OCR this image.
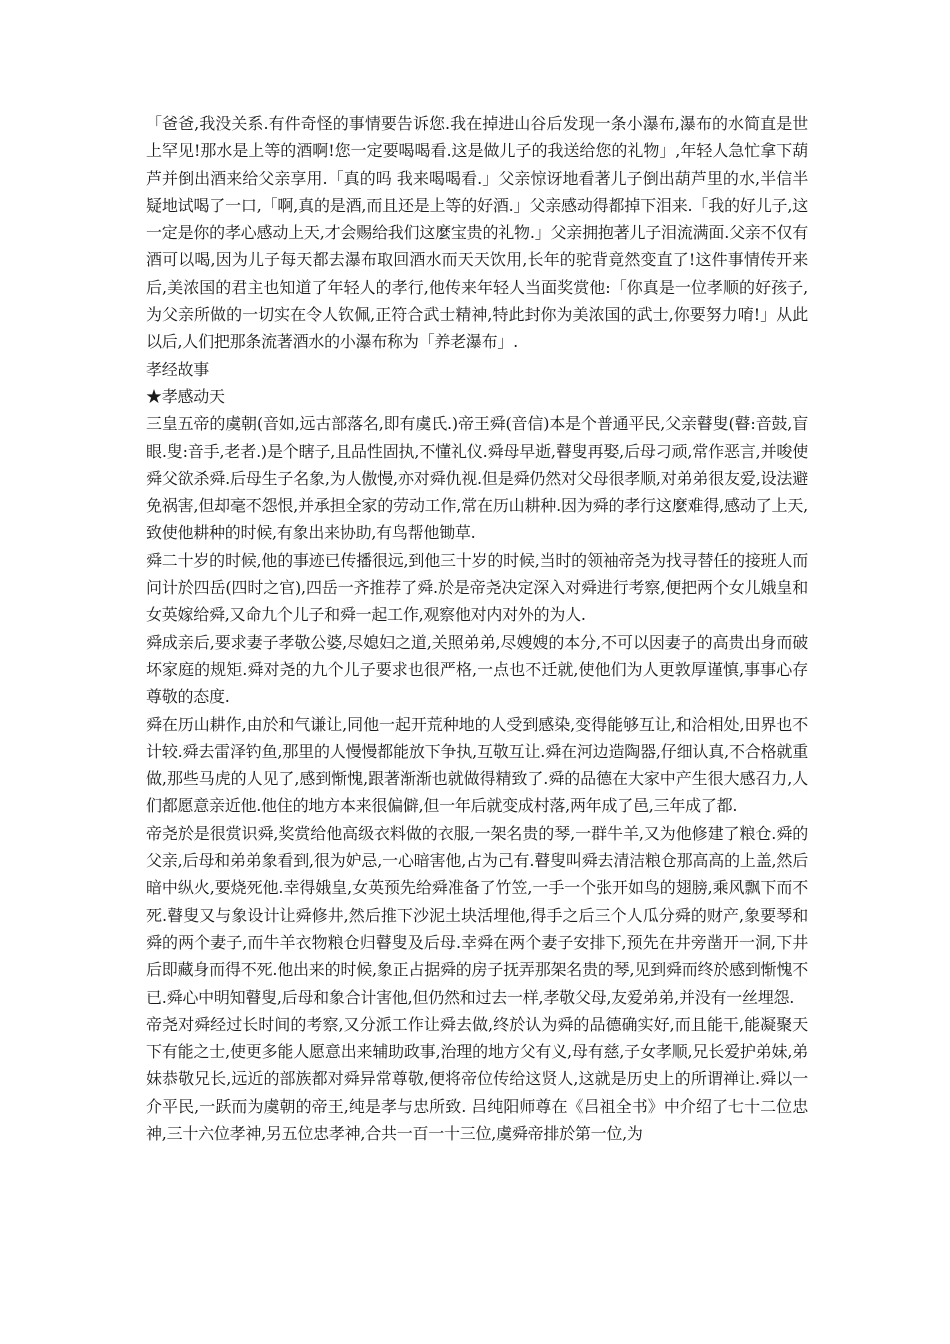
「爸爸,我没关系.有件奇怪的事情要告诉您.我在掉进山谷后发现一条小瀑布,瀑布的水简直是世上罕见!那水是上等的酒啊!您一定要喝喝看.这是做儿子的我送给您的礼物」,年轻人急忙拿下葫芦并倒出酒来给父亲享用.「真的吗 我来喝喝看.」父亲惊讶地看著儿子倒出葫芦里的水,半信半疑地试喝了一口,「啊,真的是酒,而且还是上等的好酒.」父亲感动得都掉下泪来.「我的好儿子,这一定是你的孝心感动上天,才会赐给我们这麼宝贵的礼物.」父亲拥抱著儿子泪流满面.父亲不仅有酒可以喝,因为儿子每天都去瀑布取回酒水而天天饮用,长年的驼背竟然变直了!这件事情传开来后,美浓国的君主也知道了年轻人的孝行,他传来年轻人当面奖赏他:「你真是一位孝顺的好孩子,为父亲所做的一切实在令人钦佩,正符合武士精神,特此封你为美浓国的武士,你要努力唷!」从此以后,人们把那条流著酒水的小瀑布称为「养老瀑布」.

孝经故事

★孝感动天

三皇五帝的虞朝(音如,远古部落名,即有虞氏.)帝王舜(音信)本是个普通平民,父亲瞽叟(瞽:音鼓,盲眼.叟:音手,老者.)是个瞎子,且品性固执,不懂礼仪.舜母早逝,瞽叟再娶,后母刁顽,常作恶言,并唆使舜父欲杀舜.后母生子名象,为人傲慢,亦对舜仇视.但是舜仍然对父母很孝顺,对弟弟很友爱,设法避免祸害,但却毫不怨恨,并承担全家的劳动工作,常在历山耕种.因为舜的孝行这麼难得,感动了上天,致使他耕种的时候,有象出来协助,有鸟帮他锄草.

舜二十岁的时候,他的事迹已传播很远,到他三十岁的时候,当时的领袖帝尧为找寻替任的接班人而问计於四岳(四时之官),四岳一齐推荐了舜.於是帝尧决定深入对舜进行考察,便把两个女儿娥皇和女英嫁给舜,又命九个儿子和舜一起工作,观察他对内对外的为人.

舜成亲后,要求妻子孝敬公婆,尽媳妇之道,关照弟弟,尽嫂嫂的本分,不可以因妻子的高贵出身而破坏家庭的规矩.舜对尧的九个儿子要求也很严格,一点也不迁就,使他们为人更敦厚谨慎,事事心存尊敬的态度.

舜在历山耕作,由於和气谦让,同他一起开荒种地的人受到感染,变得能够互让,和洽相处,田界也不计较.舜去雷泽钓鱼,那里的人慢慢都能放下争执,互敬互让.舜在河边造陶器,仔细认真,不合格就重做,那些马虎的人见了,感到惭愧,跟著渐渐也就做得精致了.舜的品德在大家中产生很大感召力,人们都愿意亲近他.他住的地方本来很偏僻,但一年后就变成村落,两年成了邑,三年成了都.

帝尧於是很赏识舜,奖赏给他高级衣料做的衣服,一架名贵的琴,一群牛羊,又为他修建了粮仓.舜的父亲,后母和弟弟象看到,很为妒忌,一心暗害他,占为己有.瞽叟叫舜去清洁粮仓那高高的上盖,然后暗中纵火,要烧死他.幸得娥皇,女英预先给舜准备了竹笠,一手一个张开如鸟的翅膀,乘风飘下而不死.瞽叟又与象设计让舜修井,然后推下沙泥土块活埋他,得手之后三个人瓜分舜的财产,象要琴和舜的两个妻子,而牛羊衣物粮仓归瞽叟及后母.幸舜在两个妻子安排下,预先在井旁凿开一洞,下井后即藏身而得不死.他出来的时候,象正占据舜的房子抚弄那架名贵的琴,见到舜而终於感到惭愧不已.舜心中明知瞽叟,后母和象合计害他,但仍然和过去一样,孝敬父母,友爱弟弟,并没有一丝埋怨.

帝尧对舜经过长时间的考察,又分派工作让舜去做,终於认为舜的品德确实好,而且能干,能凝聚天下有能之士,使更多能人愿意出来辅助政事,治理的地方父有义,母有慈,子女孝顺,兄长爱护弟妹,弟妹恭敬兄长,远近的部族都对舜异常尊敬,便将帝位传给这贤人,这就是历史上的所谓禅让.舜以一介平民,一跃而为虞朝的帝王,纯是孝与忠所致. 吕纯阳师尊在《吕祖全书》中介绍了七十二位忠神,三十六位孝神,另五位忠孝神,合共一百一十三位,虞舜帝排於第一位,为
